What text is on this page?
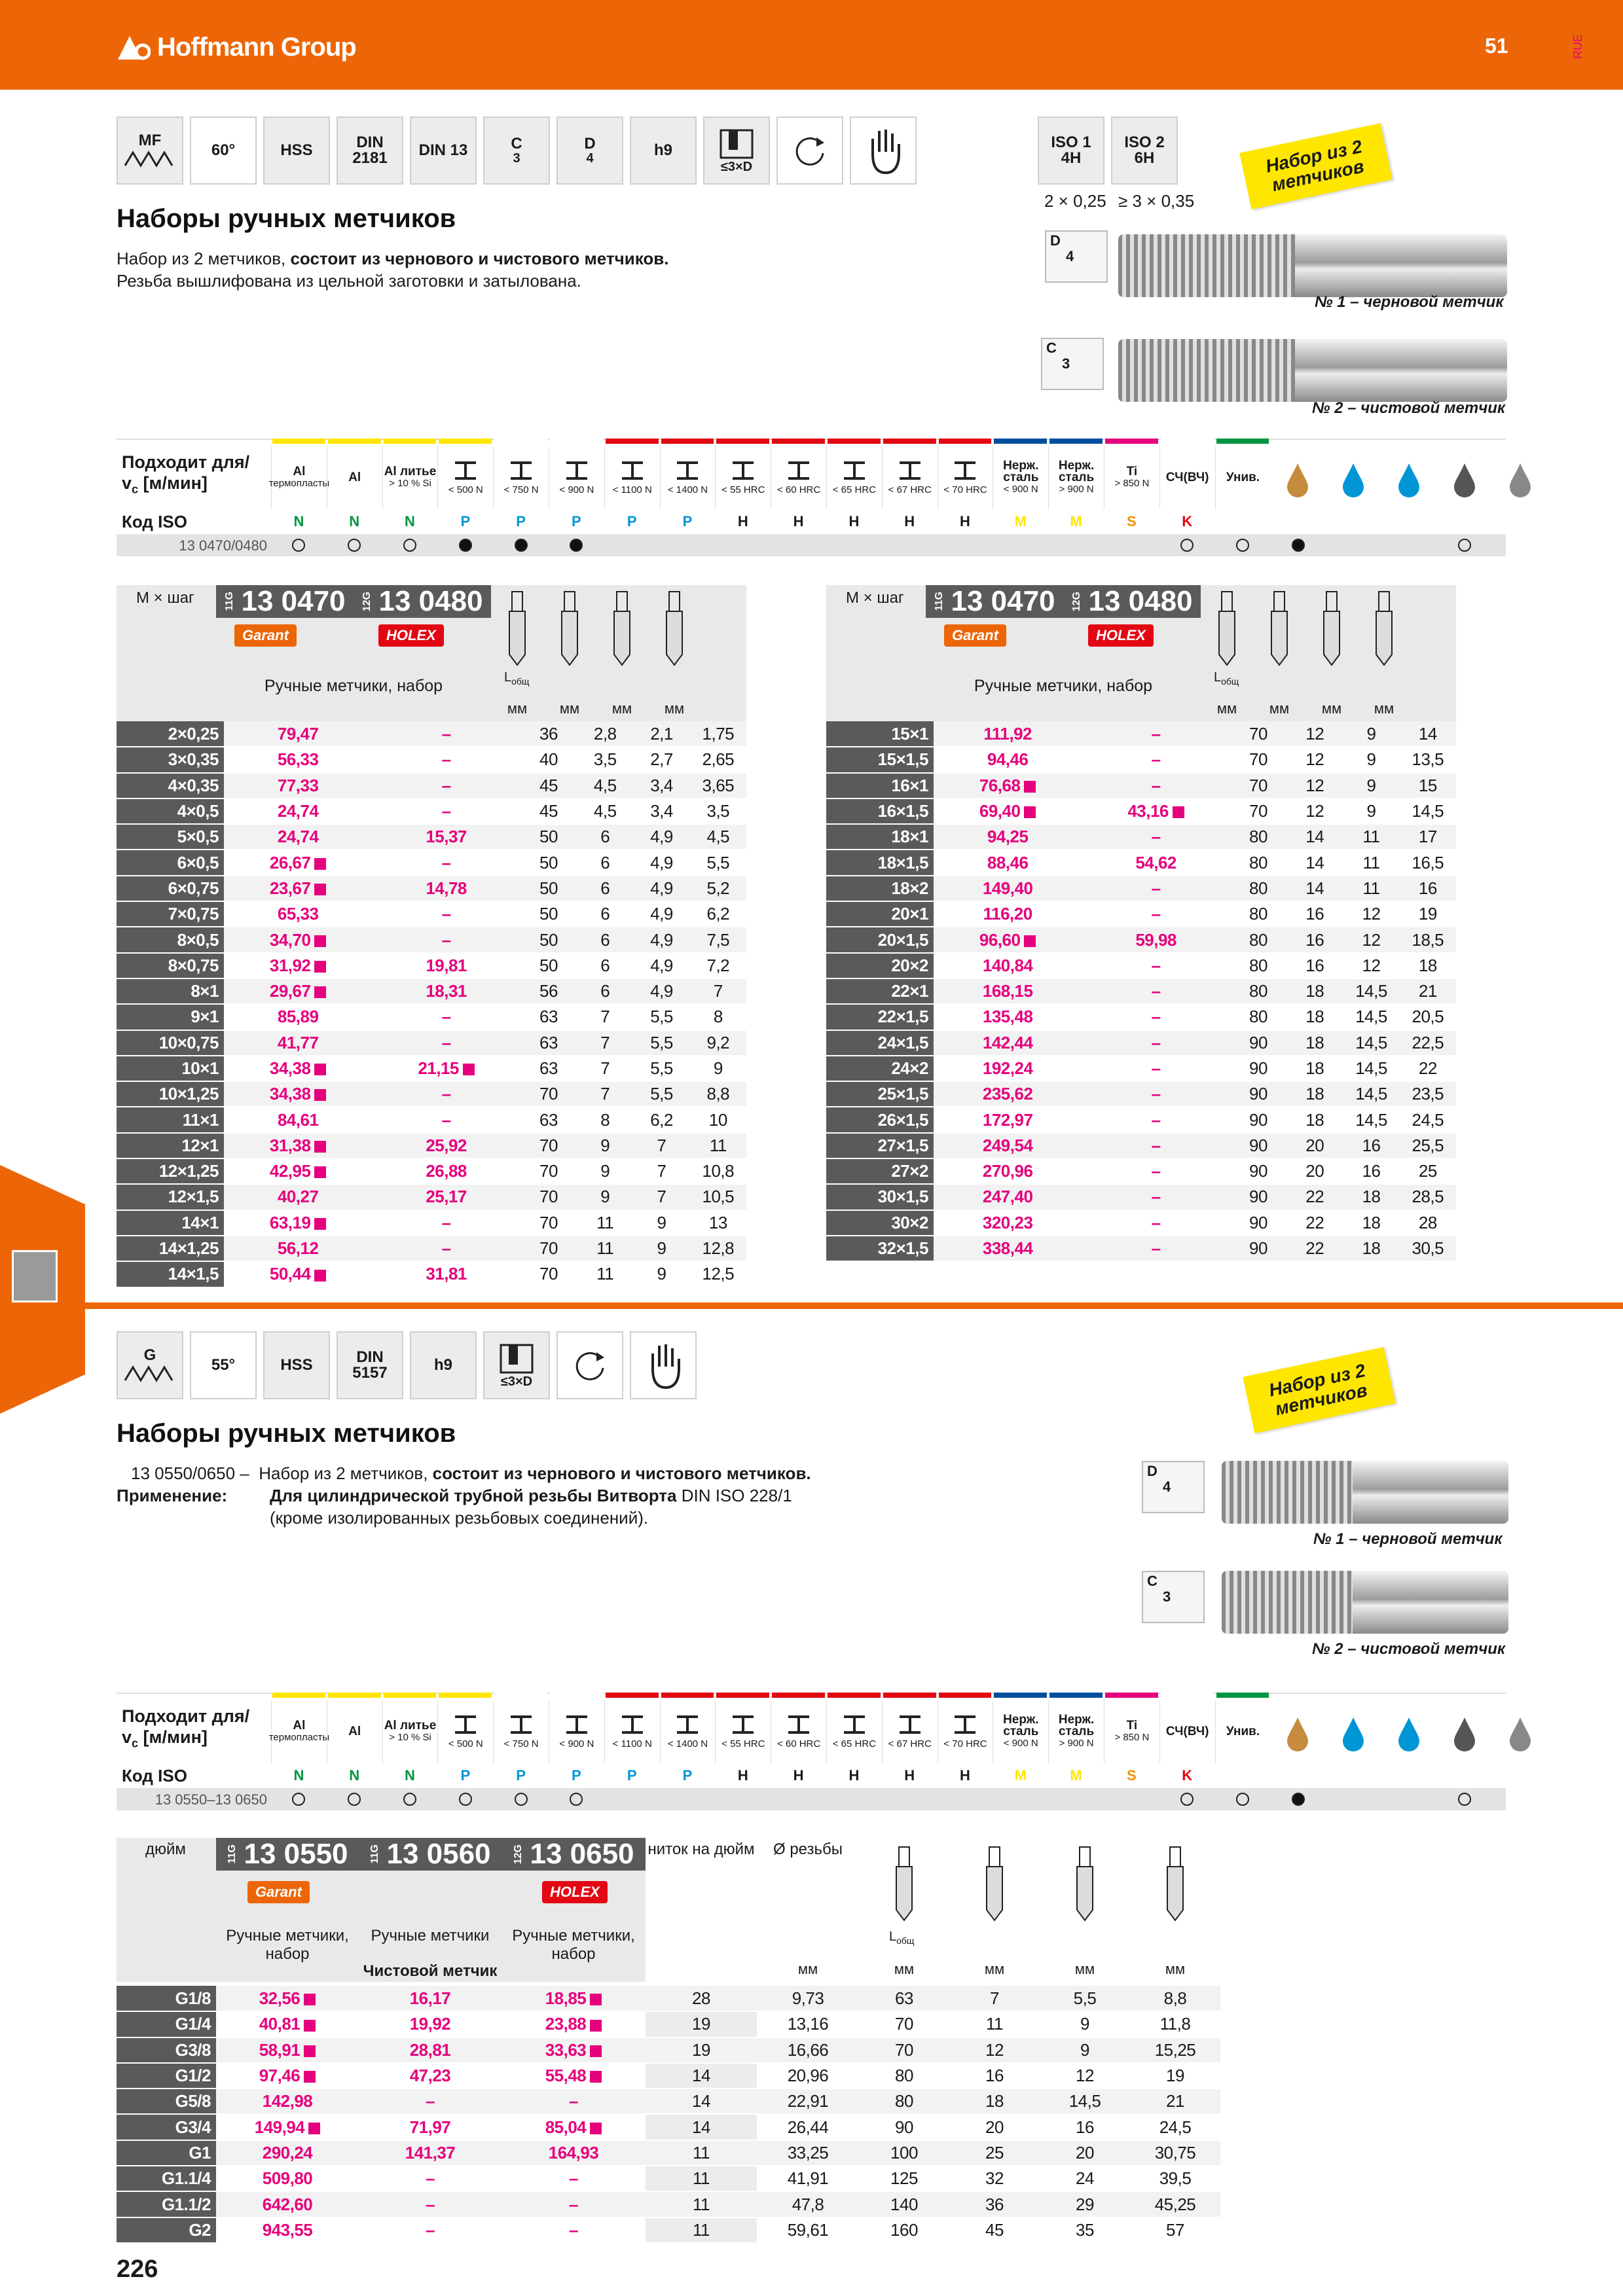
Hoffmann Group	51	RUE
MF
60°	HSS	DIN 2181	DIN 13	C
3
D
4	h9
≤3×D
ISO 1
4H
ISO 2
6H
2 × 0,25 ≥ 3 × 0,35
Набор из 2 метчиков
Наборы ручных метчиков
Набор из 2 метчиков, состоит из чернового и чистового метчиков.
Резьба вышлифована из цельной заготовки и затылована.
D
4
№ 1 – черновой метчик
C
3
№ 2 – чистовой метчик
Подходит для/
$v_c$ [м/мин]
Al
термопласты Al Al литье
> 10 % Si
< 500 N < 750 N < 900 N < 1100 N < 1400 N < 55 HRC < 60 HRC < 65 HRC < 67 HRC < 70 HRC
Нерж. сталь
< 900 N
Нерж. сталь
> 900 N
Ti
> 850 N СЧ(ВЧ) Унив.
Код ISO	N	N	N	P	P	P	P	P	H	H	H	H	H	M	M	S	K
13 0470/0480
M × шаг	11G 13 0470 12G 13 0480
Garant	HOLEX
Ручные метчики, набор	$L_{общ}$
мм	мм	мм	мм
2×0,25	79,47	–	36	2,8	2,1	1,75
3×0,35	56,33	–	40	3,5	2,7	2,65
4×0,35	77,33	–	45	4,5	3,4	3,65
4×0,5	24,74	–	45	4,5	3,4	3,5
5×0,5	24,74	15,37	50	6	4,9	4,5
6×0,5	26,67	–	50	6	4,9	5,5
6×0,75	23,67	14,78	50	6	4,9	5,2
7×0,75	65,33	–	50	6	4,9	6,2
8×0,5	34,70	–	50	6	4,9	7,5
8×0,75	31,92	19,81	50	6	4,9	7,2
8×1	29,67	18,31	56	6	4,9	7
9×1	85,89	–	63	7	5,5	8
10×0,75	41,77	–	63	7	5,5	9,2
10×1	34,38	21,15	63	7	5,5	9
10×1,25	34,38	–	70	7	5,5	8,8
11×1	84,61	–	63	8	6,2	10
12×1	31,38	25,92	70	9	7	11
12×1,25	42,95	26,88	70	9	7	10,8
12×1,5	40,27	25,17	70	9	7	10,5
14×1	63,19	–	70	11	9	13
14×1,25	56,12	–	70	11	9	12,8
14×1,5	50,44	31,81	70	11	9	12,5
M × шаг	11G 13 0470 12G 13 0480
Garant	HOLEX
Ручные метчики, набор	$L_{общ}$
мм	мм	мм	мм
15×1	111,92	–	70	12	9	14
15×1,5	94,46	–	70	12	9	13,5
16×1	76,68	–	70	12	9	15
16×1,5	69,40	43,16	70	12	9	14,5
18×1	94,25	–	80	14	11	17
18×1,5	88,46	54,62	80	14	11	16,5
18×2	149,40	–	80	14	11	16
20×1	116,20	–	80	16	12	19
20×1,5	96,60	59,98	80	16	12	18,5
20×2	140,84	–	80	16	12	18
22×1	168,15	–	80	18	14,5	21
22×1,5	135,48	–	80	18	14,5	20,5
24×1,5	142,44	–	90	18	14,5	22,5
24×2	192,24	–	90	18	14,5	22
25×1,5	235,62	–	90	18	14,5	23,5
26×1,5	172,97	–	90	18	14,5	24,5
27×1,5	249,54	–	90	20	16	25,5
27×2	270,96	–	90	20	16	25
30×1,5	247,40	–	90	22	18	28,5
30×2	320,23	–	90	22	18	28
32×1,5	338,44	–	90	22	18	30,5
G
55°	HSS	DIN 5157	h9
≤3×D	Набор из 2 метчиков
Наборы ручных метчиков
13 0550/0650 – Набор из 2 метчиков, состоит из чернового и чистового метчиков.
Применение: Для цилиндрической трубной резьбы Витворта DIN ISO 228/1
(кроме изолированных резьбовых соединений).
D
4
№ 1 – черновой метчик
C
3
№ 2 – чистовой метчик
Подходит для/
$v_c$ [м/мин]
Al
термопласты Al Al литье
> 10 % Si
< 500 N < 750 N < 900 N < 1100 N < 1400 N < 55 HRC < 60 HRC < 65 HRC < 67 HRC < 70 HRC
Нерж. сталь
< 900 N
Нерж. сталь
> 900 N
Ti
> 850 N СЧ(ВЧ) Унив.
Код ISO	N	N	N	P	P	P	P	P	H	H	H	H	H	M	M	S	K
13 0550–13 0650
дюйм	11G 13 0550 11G 13 0560 12G 13 0650
Garant	HOLEX
Ручные метчики, набор
Ручные метчики
Чистовой метчик
Ручные метчики, набор
ниток на дюйм	Ø резьбы
$L_{общ}$
мм	мм	мм	мм	мм
G1/8	32,56	16,17	18,85	28	9,73	63	7	5,5	8,8
G1/4	40,81	19,92	23,88	19	13,16	70	11	9	11,8
G3/8	58,91	28,81	33,63	19	16,66	70	12	9	15,25
G1/2	97,46	47,23	55,48	14	20,96	80	16	12	19
G5/8	142,98	–	–	14	22,91	80	18	14,5	21
G3/4	149,94	71,97	85,04	14	26,44	90	20	16	24,5
G1	290,24	141,37	164,93	11	33,25	100	25	20	30,75
G1.1/4	509,80	–	–	11	41,91	125	32	24	39,5
G1.1/2	642,60	–	–	11	47,8	140	36	29	45,25
G2	943,55	–	–	11	59,61	160	45	35	57
226
